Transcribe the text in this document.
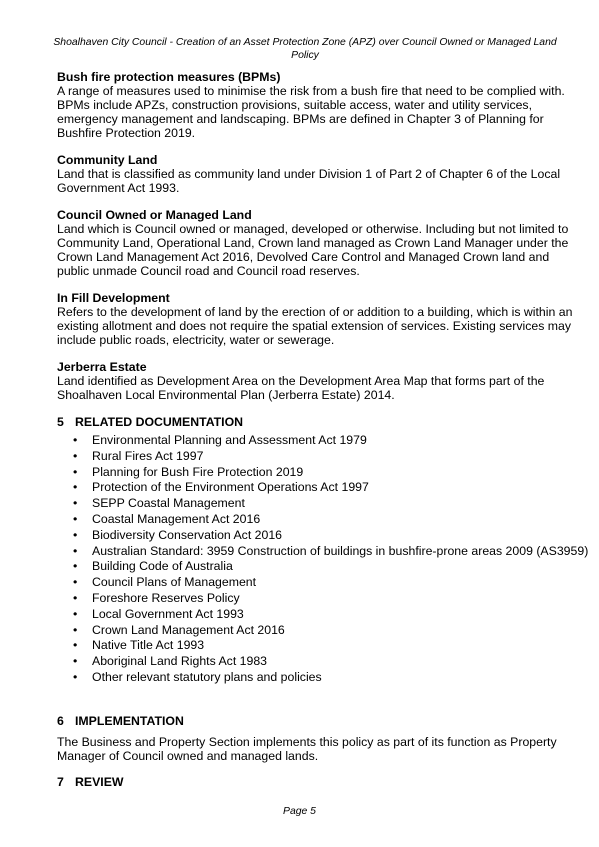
Shoalhaven City Council - Creation of an Asset Protection Zone (APZ) over Council Owned or Managed Land Policy
Bush fire protection measures (BPMs)
A range of measures used to minimise the risk from a bush fire that need to be complied with. BPMs include APZs, construction provisions, suitable access, water and utility services, emergency management and landscaping. BPMs are defined in Chapter 3 of Planning for Bushfire Protection 2019.
Community Land
Land that is classified as community land under Division 1 of Part 2 of Chapter 6 of the Local Government Act 1993.
Council Owned or Managed Land
Land which is Council owned or managed, developed or otherwise. Including but not limited to Community Land, Operational Land, Crown land managed as Crown Land Manager under the Crown Land Management Act 2016, Devolved Care Control and Managed Crown land and public unmade Council road and Council road reserves.
In Fill Development
Refers to the development of land by the erection of or addition to a building, which is within an existing allotment and does not require the spatial extension of services. Existing services may include public roads, electricity, water or sewerage.
Jerberra Estate
Land identified as Development Area on the Development Area Map that forms part of the Shoalhaven Local Environmental Plan (Jerberra Estate) 2014.
5 RELATED DOCUMENTATION
• Environmental Planning and Assessment Act 1979
• Rural Fires Act 1997
• Planning for Bush Fire Protection 2019
• Protection of the Environment Operations Act 1997
• SEPP Coastal Management
• Coastal Management Act 2016
• Biodiversity Conservation Act 2016
• Australian Standard: 3959 Construction of buildings in bushfire-prone areas 2009 (AS3959)
• Building Code of Australia
• Council Plans of Management
• Foreshore Reserves Policy
• Local Government Act 1993
• Crown Land Management Act 2016
• Native Title Act 1993
• Aboriginal Land Rights Act 1983
• Other relevant statutory plans and policies
6 IMPLEMENTATION
The Business and Property Section implements this policy as part of its function as Property Manager of Council owned and managed lands.
7 REVIEW
Page 5
